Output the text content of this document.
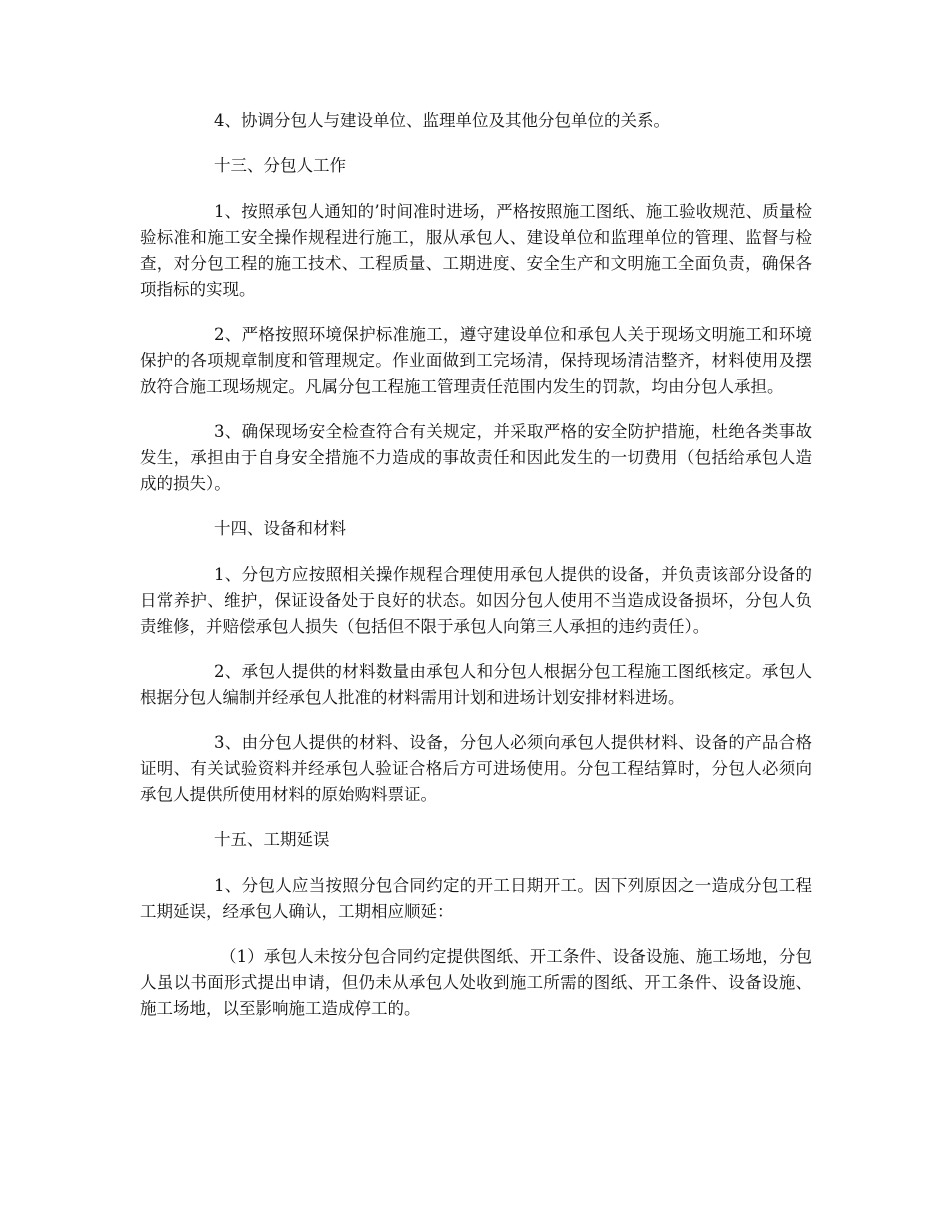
4、协调分包人与建设单位、监理单位及其他分包单位的关系。

十三、分包人工作

1、按照承包人通知的’时间准时进场，严格按照施工图纸、施工验收规范、质量检验标准和施工安全操作规程进行施工，服从承包人、建设单位和监理单位的管理、监督与检查，对分包工程的施工技术、工程质量、工期进度、安全生产和文明施工全面负责，确保各项指标的实现。

2、严格按照环境保护标准施工，遵守建设单位和承包人关于现场文明施工和环境保护的各项规章制度和管理规定。作业面做到工完场清，保持现场清洁整齐，材料使用及摆放符合施工现场规定。凡属分包工程施工管理责任范围内发生的罚款，均由分包人承担。

3、确保现场安全检查符合有关规定，并采取严格的安全防护措施，杜绝各类事故发生，承担由于自身安全措施不力造成的事故责任和因此发生的一切费用（包括给承包人造成的损失）。

十四、设备和材料

1、分包方应按照相关操作规程合理使用承包人提供的设备，并负责该部分设备的日常养护、维护，保证设备处于良好的状态。如因分包人使用不当造成设备损坏，分包人负责维修，并赔偿承包人损失（包括但不限于承包人向第三人承担的违约责任）。

2、承包人提供的材料数量由承包人和分包人根据分包工程施工图纸核定。承包人根据分包人编制并经承包人批准的材料需用计划和进场计划安排材料进场。

3、由分包人提供的材料、设备，分包人必须向承包人提供材料、设备的产品合格证明、有关试验资料并经承包人验证合格后方可进场使用。分包工程结算时，分包人必须向承包人提供所使用材料的原始购料票证。

十五、工期延误

1、分包人应当按照分包合同约定的开工日期开工。因下列原因之一造成分包工程工期延误，经承包人确认，工期相应顺延：

（1）承包人未按分包合同约定提供图纸、开工条件、设备设施、施工场地，分包人虽以书面形式提出申请，但仍未从承包人处收到施工所需的图纸、开工条件、设备设施、施工场地，以至影响施工造成停工的。
